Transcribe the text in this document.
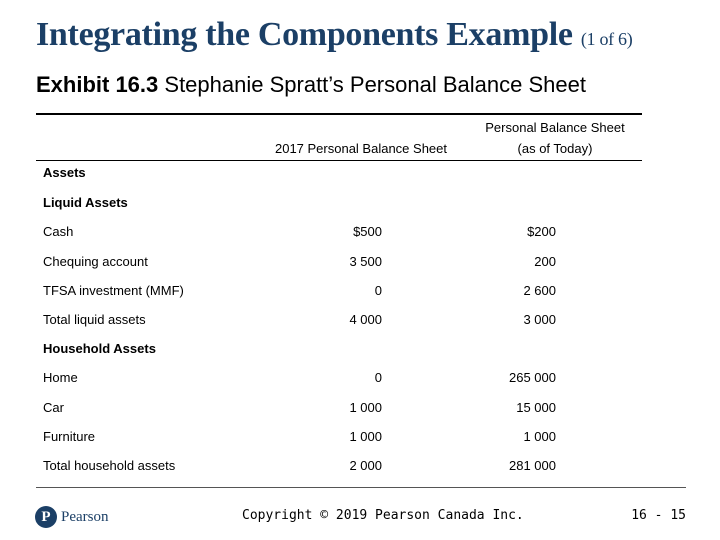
Integrating the Components Example (1 of 6)
Exhibit 16.3 Stephanie Spratt’s Personal Balance Sheet
2017 Personal Balance Sheet
Personal Balance Sheet
(as of Today)
Assets
Liquid Assets
Cash	$500	$200
Chequing account	3 500	200
TFSA investment (MMF)	0	2 600
Total liquid assets	4 000	3 000
Household Assets
Home	0	265 000
Car	1 000	15 000
Furniture	1 000	1 000
Total household assets	2 000	281 000
P Pearson	Copyright © 2019 Pearson Canada Inc.	16 - 15
